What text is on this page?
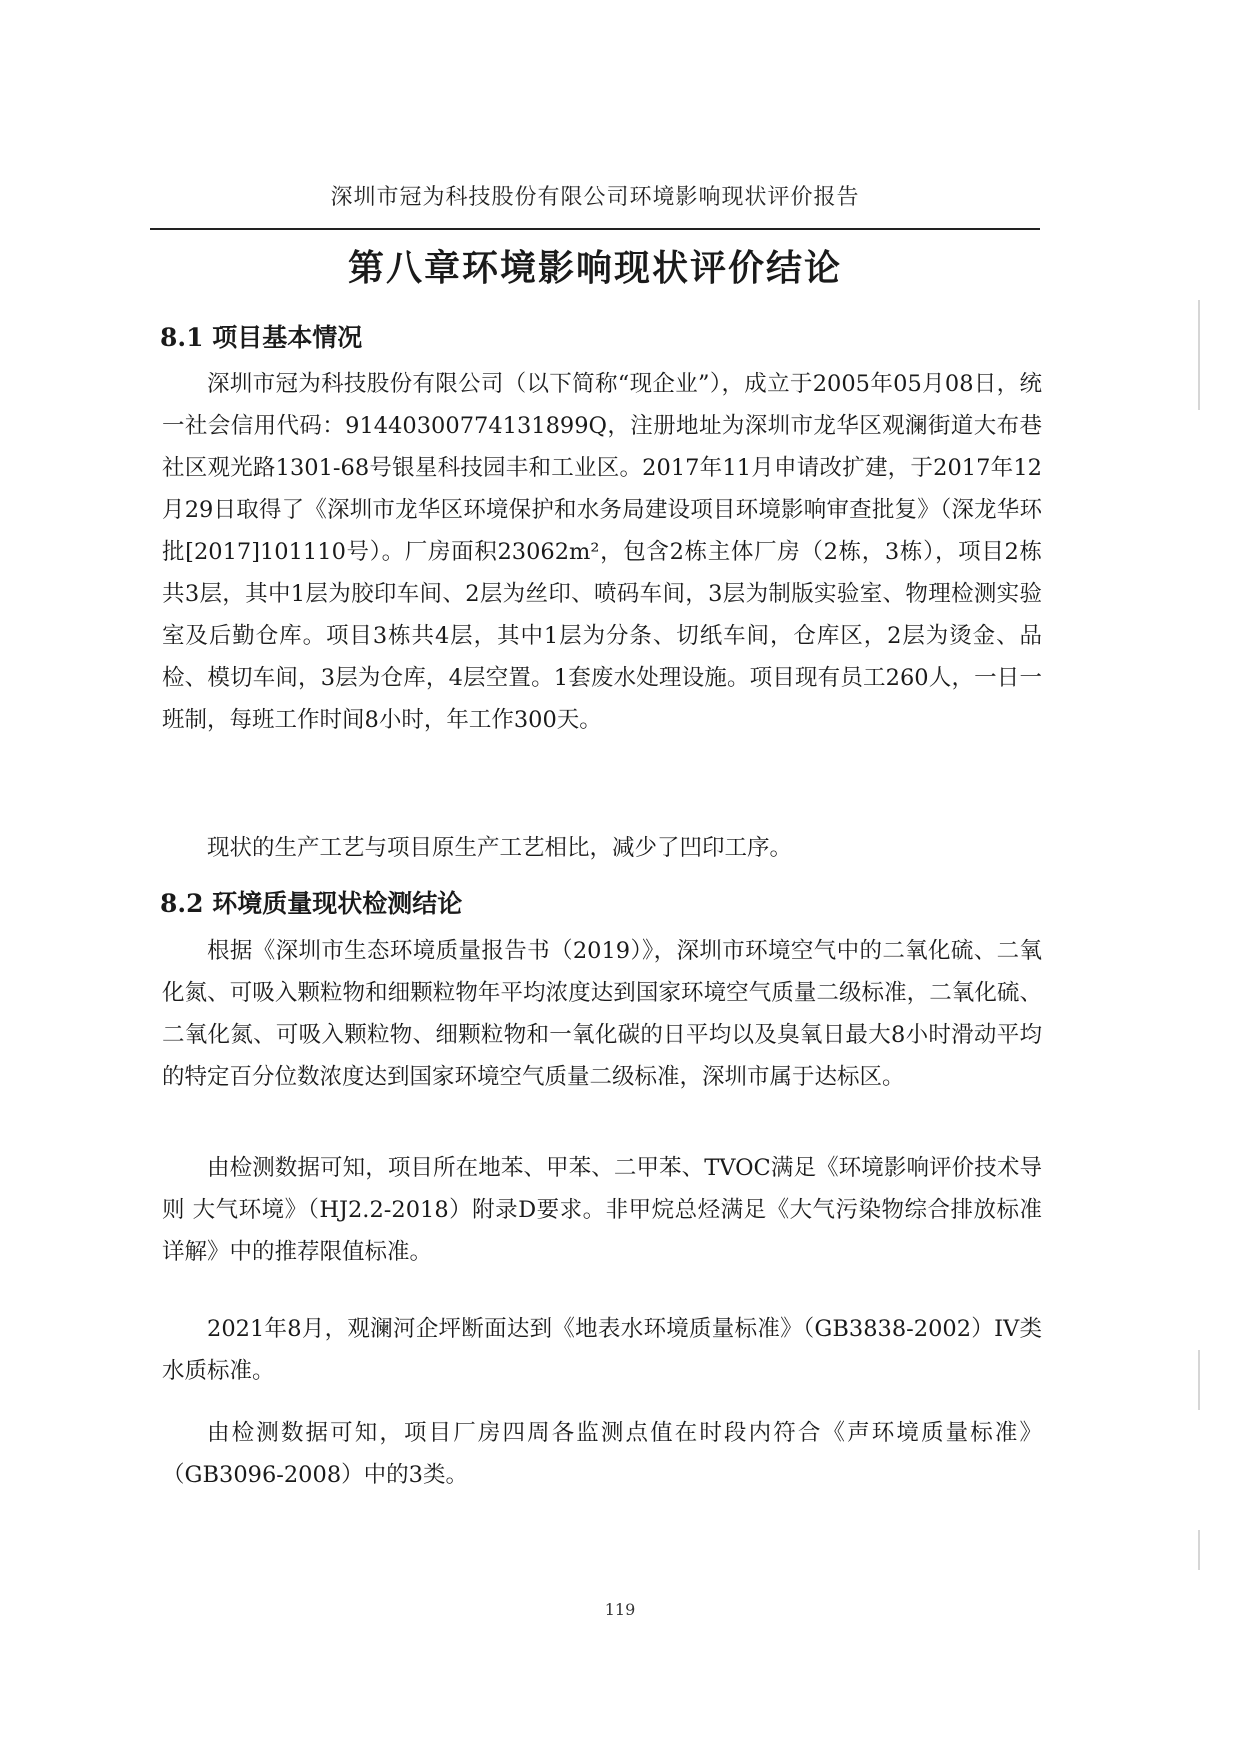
深圳市冠为科技股份有限公司环境影响现状评价报告
第八章环境影响现状评价结论
8.1 项目基本情况

深圳市冠为科技股份有限公司（以下简称“现企业”），成立于2005年05月08日，统一社会信用代码：91440300774131899Q，注册地址为深圳市龙华区观澜街道大布巷社区观光路1301-68号银星科技园丰和工业区。2017年11月申请改扩建，于2017年12月29日取得了《深圳市龙华区环境保护和水务局建设项目环境影响审查批复》（深龙华环批[2017]101110号）。厂房面积23062m²，包含2栋主体厂房（2栋，3栋），项目2栋共3层，其中1层为胶印车间、2层为丝印、喷码车间，3层为制版实验室、物理检测实验室及后勤仓库。项目3栋共4层，其中1层为分条、切纸车间，仓库区，2层为烫金、品检、模切车间，3层为仓库，4层空置。1套废水处理设施。项目现有员工260人，一日一班制，每班工作时间8小时，年工作300天。

现状的生产工艺与项目原生产工艺相比，减少了凹印工序。

8.2 环境质量现状检测结论

根据《深圳市生态环境质量报告书（2019）》，深圳市环境空气中的二氧化硫、二氧化氮、可吸入颗粒物和细颗粒物年平均浓度达到国家环境空气质量二级标准，二氧化硫、二氧化氮、可吸入颗粒物、细颗粒物和一氧化碳的日平均以及臭氧日最大8小时滑动平均的特定百分位数浓度达到国家环境空气质量二级标准，深圳市属于达标区。

由检测数据可知，项目所在地苯、甲苯、二甲苯、TVOC满足《环境影响评价技术导则 大气环境》（HJ2.2-2018）附录D要求。非甲烷总烃满足《大气污染物综合排放标准详解》中的推荐限值标准。

2021年8月，观澜河企坪断面达到《地表水环境质量标准》（GB3838-2002）IV类水质标准。

由检测数据可知，项目厂房四周各监测点值在时段内符合《声环境质量标准》（GB3096-2008）中的3类。

119
